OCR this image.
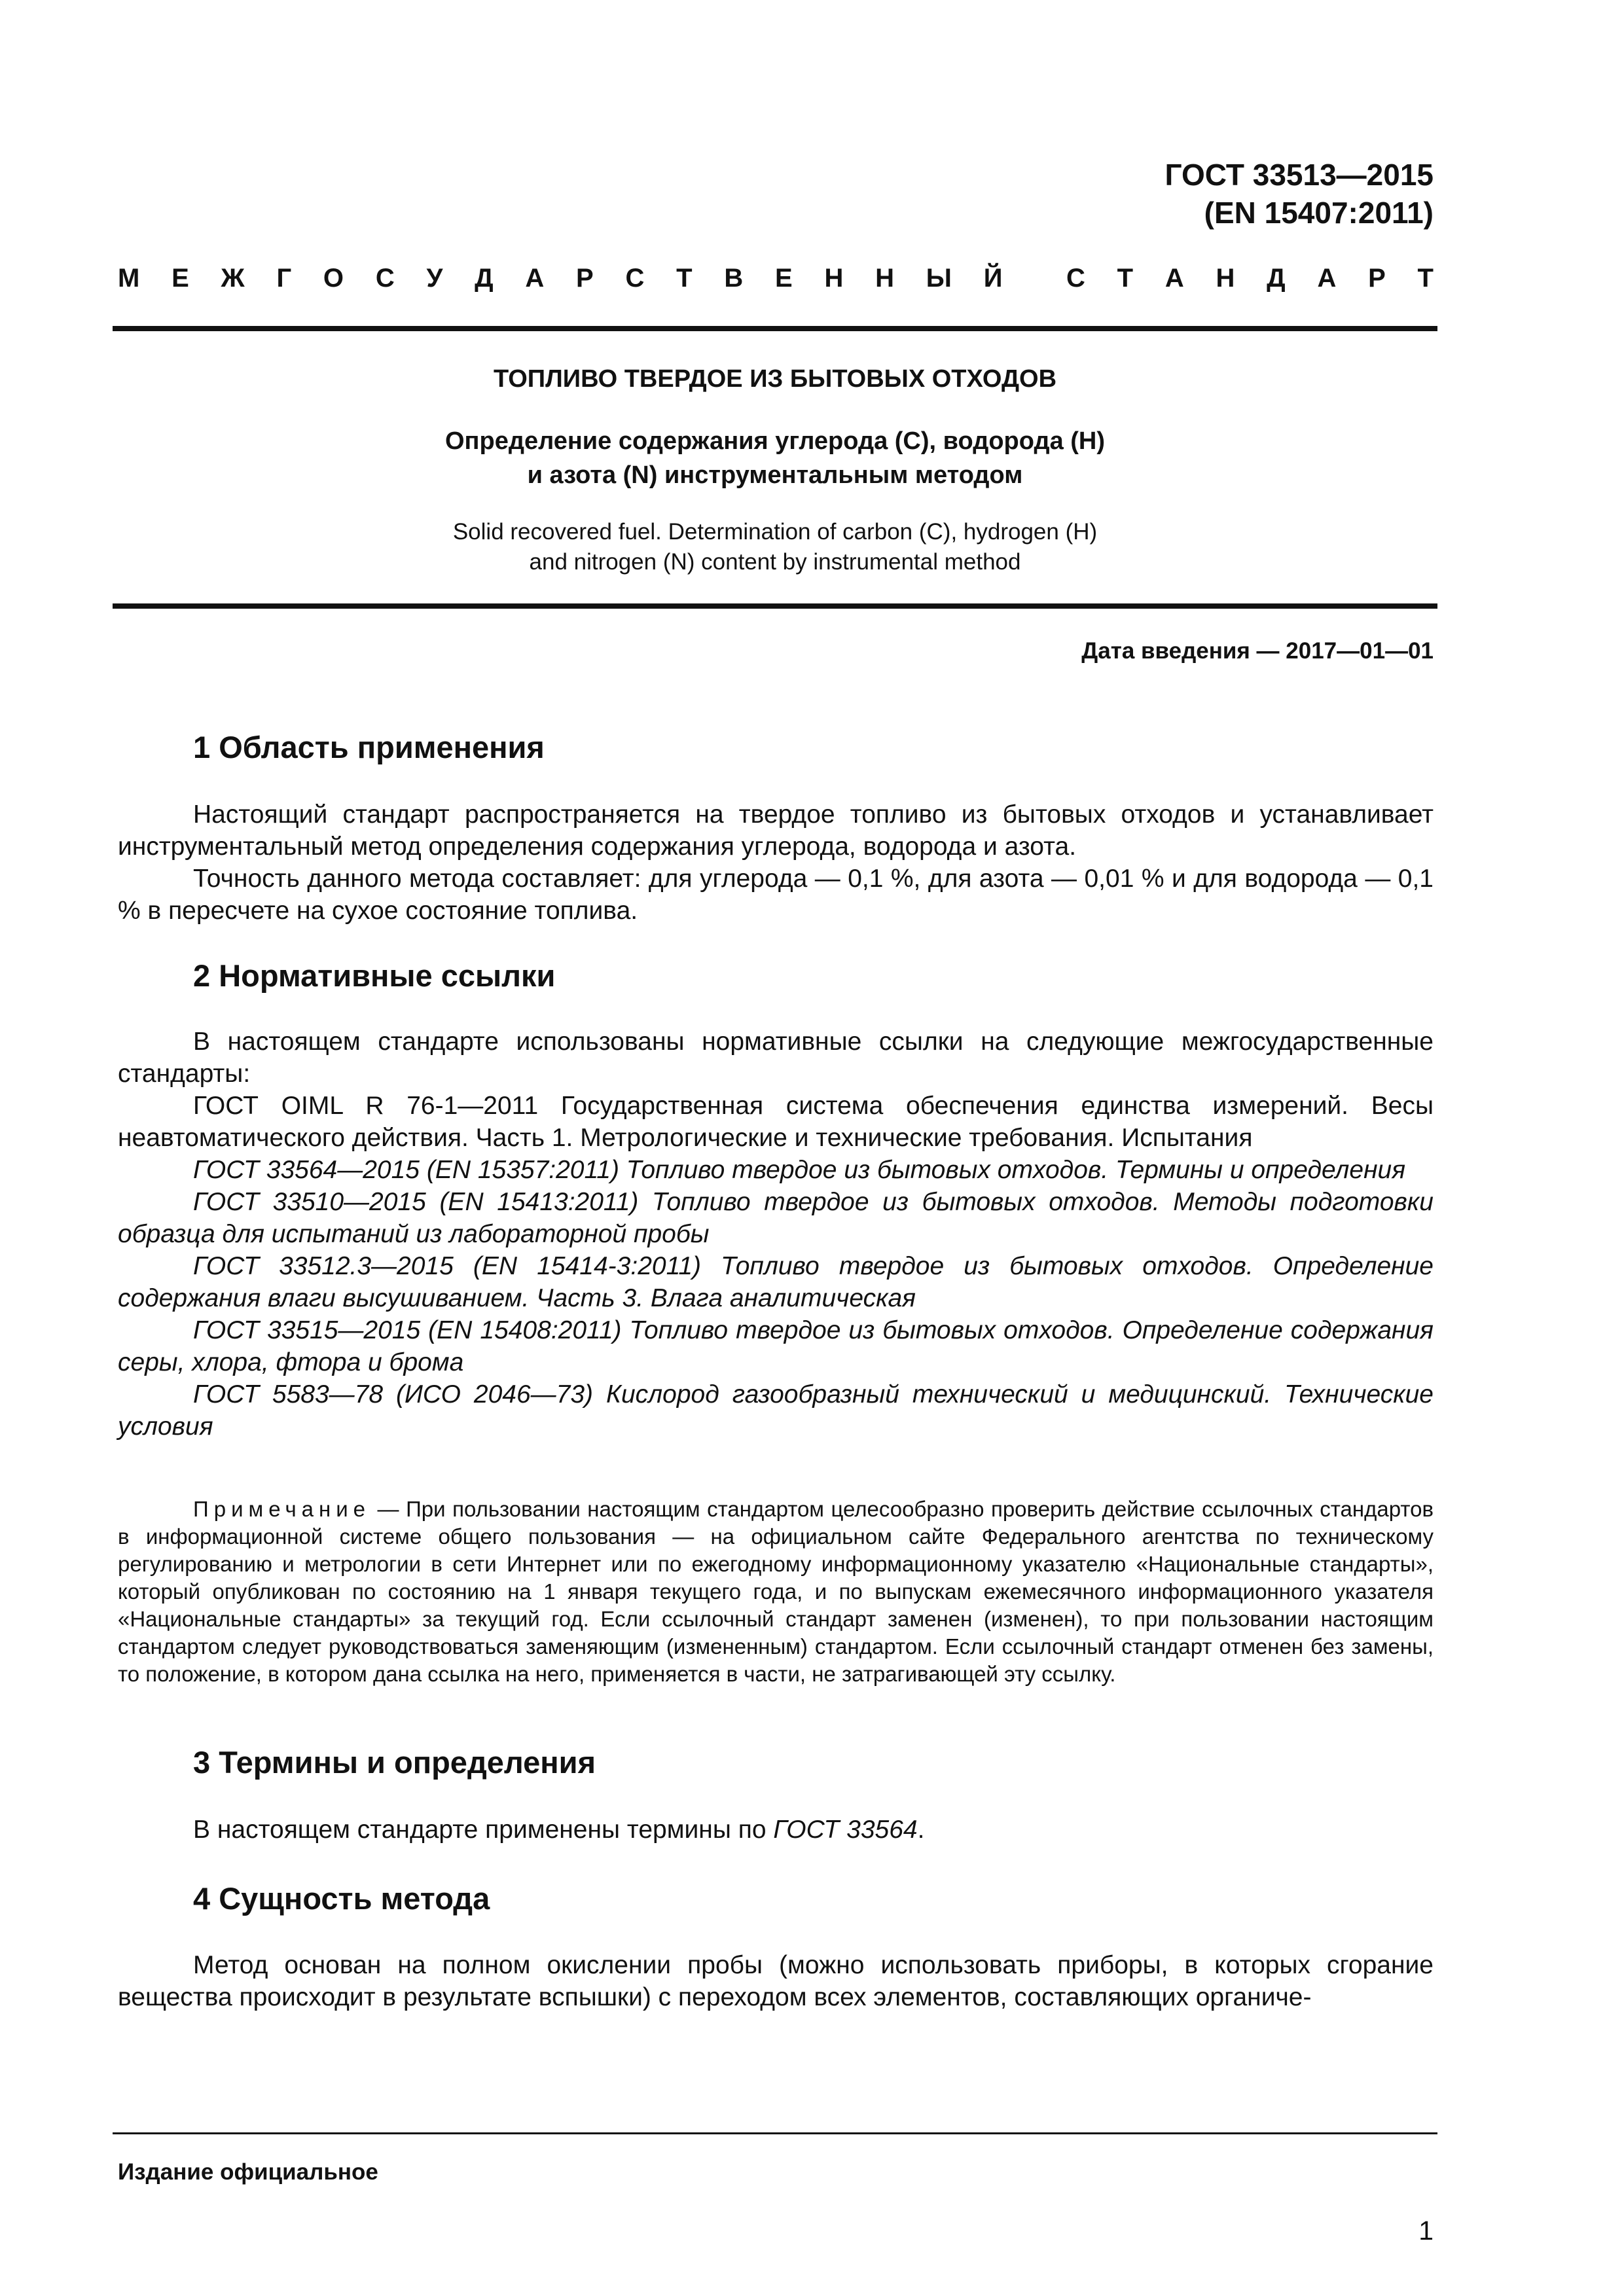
ГОСТ 33513—2015
(EN 15407:2011)
М Е Ж Г О С У Д А Р С Т В Е Н Н Ы Й С Т А Н Д А Р Т
ТОПЛИВО ТВЕРДОЕ ИЗ БЫТОВЫХ ОТХОДОВ
Определение содержания углерода (С), водорода (Н)
и азота (N) инструментальным методом
Solid recovered fuel. Determination of carbon (C), hydrogen (H)
and nitrogen (N) content by instrumental method
Дата введения — 2017—01—01
1 Область применения

Настоящий стандарт распространяется на твердое топливо из бытовых отходов и устанавливает инструментальный метод определения содержания углерода, водорода и азота.

Точность данного метода составляет: для углерода — 0,1 %, для азота — 0,01 % и для водорода — 0,1 % в пересчете на сухое состояние топлива.

2 Нормативные ссылки

В настоящем стандарте использованы нормативные ссылки на следующие межгосударственные стандарты:

ГОСТ OIML R 76-1—2011 Государственная система обеспечения единства измерений. Весы неавтоматического действия. Часть 1. Метрологические и технические требования. Испытания

ГОСТ 33564—2015 (EN 15357:2011) Топливо твердое из бытовых отходов. Термины и определения

ГОСТ 33510—2015 (EN 15413:2011) Топливо твердое из бытовых отходов. Методы подготовки образца для испытаний из лабораторной пробы

ГОСТ 33512.3—2015 (EN 15414-3:2011) Топливо твердое из бытовых отходов. Определение содержания влаги высушиванием. Часть 3. Влага аналитическая

ГОСТ 33515—2015 (EN 15408:2011) Топливо твердое из бытовых отходов. Определение содержания серы, хлора, фтора и брома

ГОСТ 5583—78 (ИСО 2046—73) Кислород газообразный технический и медицинский. Технические условия

Примечание — При пользовании настоящим стандартом целесообразно проверить действие ссылочных стандартов в информационной системе общего пользования — на официальном сайте Федерального агентства по техническому регулированию и метрологии в сети Интернет или по ежегодному информационному указателю «Национальные стандарты», который опубликован по состоянию на 1 января текущего года, и по выпускам ежемесячного информационного указателя «Национальные стандарты» за текущий год. Если ссылочный стандарт заменен (изменен), то при пользовании настоящим стандартом следует руководствоваться заменяющим (измененным) стандартом. Если ссылочный стандарт отменен без замены, то положение, в котором дана ссылка на него, применяется в части, не затрагивающей эту ссылку.

3 Термины и определения

В настоящем стандарте применены термины по ГОСТ 33564.

4 Сущность метода

Метод основан на полном окислении пробы (можно использовать приборы, в которых сгорание вещества происходит в результате вспышки) с переходом всех элементов, составляющих органиче-

Издание официальное
1
